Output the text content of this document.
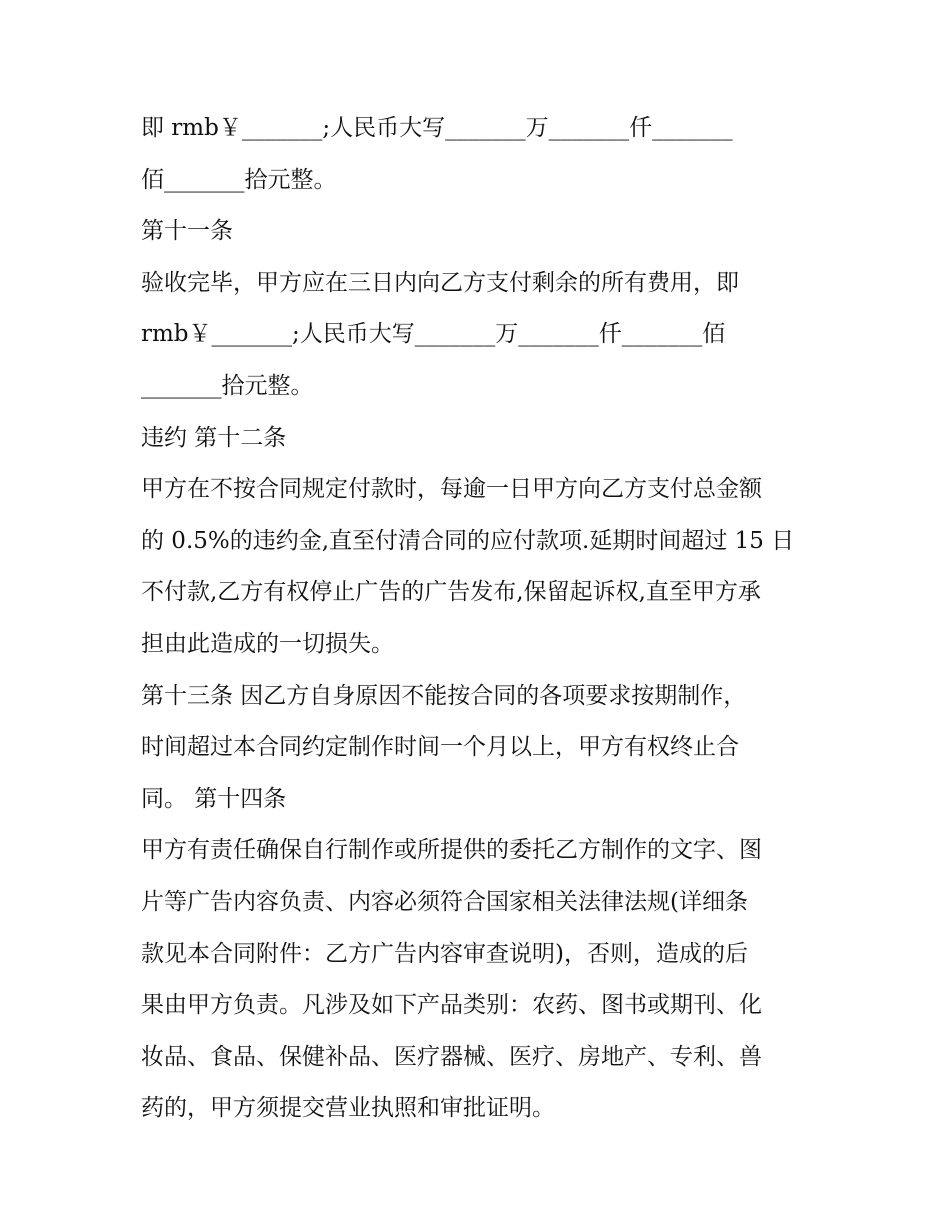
即 rmb￥_______;人民币大写_______万_______仟_______
佰_______拾元整。
第十一条
验收完毕，甲方应在三日内向乙方支付剩余的所有费用，即
rmb￥_______;人民币大写_______万_______仟_______佰
_______拾元整。
违约 第十二条
甲方在不按合同规定付款时，每逾一日甲方向乙方支付总金额
的 0.5%的违约金,直至付清合同的应付款项.延期时间超过 15 日
不付款,乙方有权停止广告的广告发布,保留起诉权,直至甲方承
担由此造成的一切损失。
第十三条 因乙方自身原因不能按合同的各项要求按期制作，
时间超过本合同约定制作时间一个月以上，甲方有权终止合
同。 第十四条
甲方有责任确保自行制作或所提供的委托乙方制作的文字、图
片等广告内容负责、内容必须符合国家相关法律法规(详细条
款见本合同附件：乙方广告内容审查说明)，否则，造成的后
果由甲方负责。凡涉及如下产品类别：农药、图书或期刊、化
妆品、食品、保健补品、医疗器械、医疗、房地产、专利、兽
药的，甲方须提交营业执照和审批证明。
